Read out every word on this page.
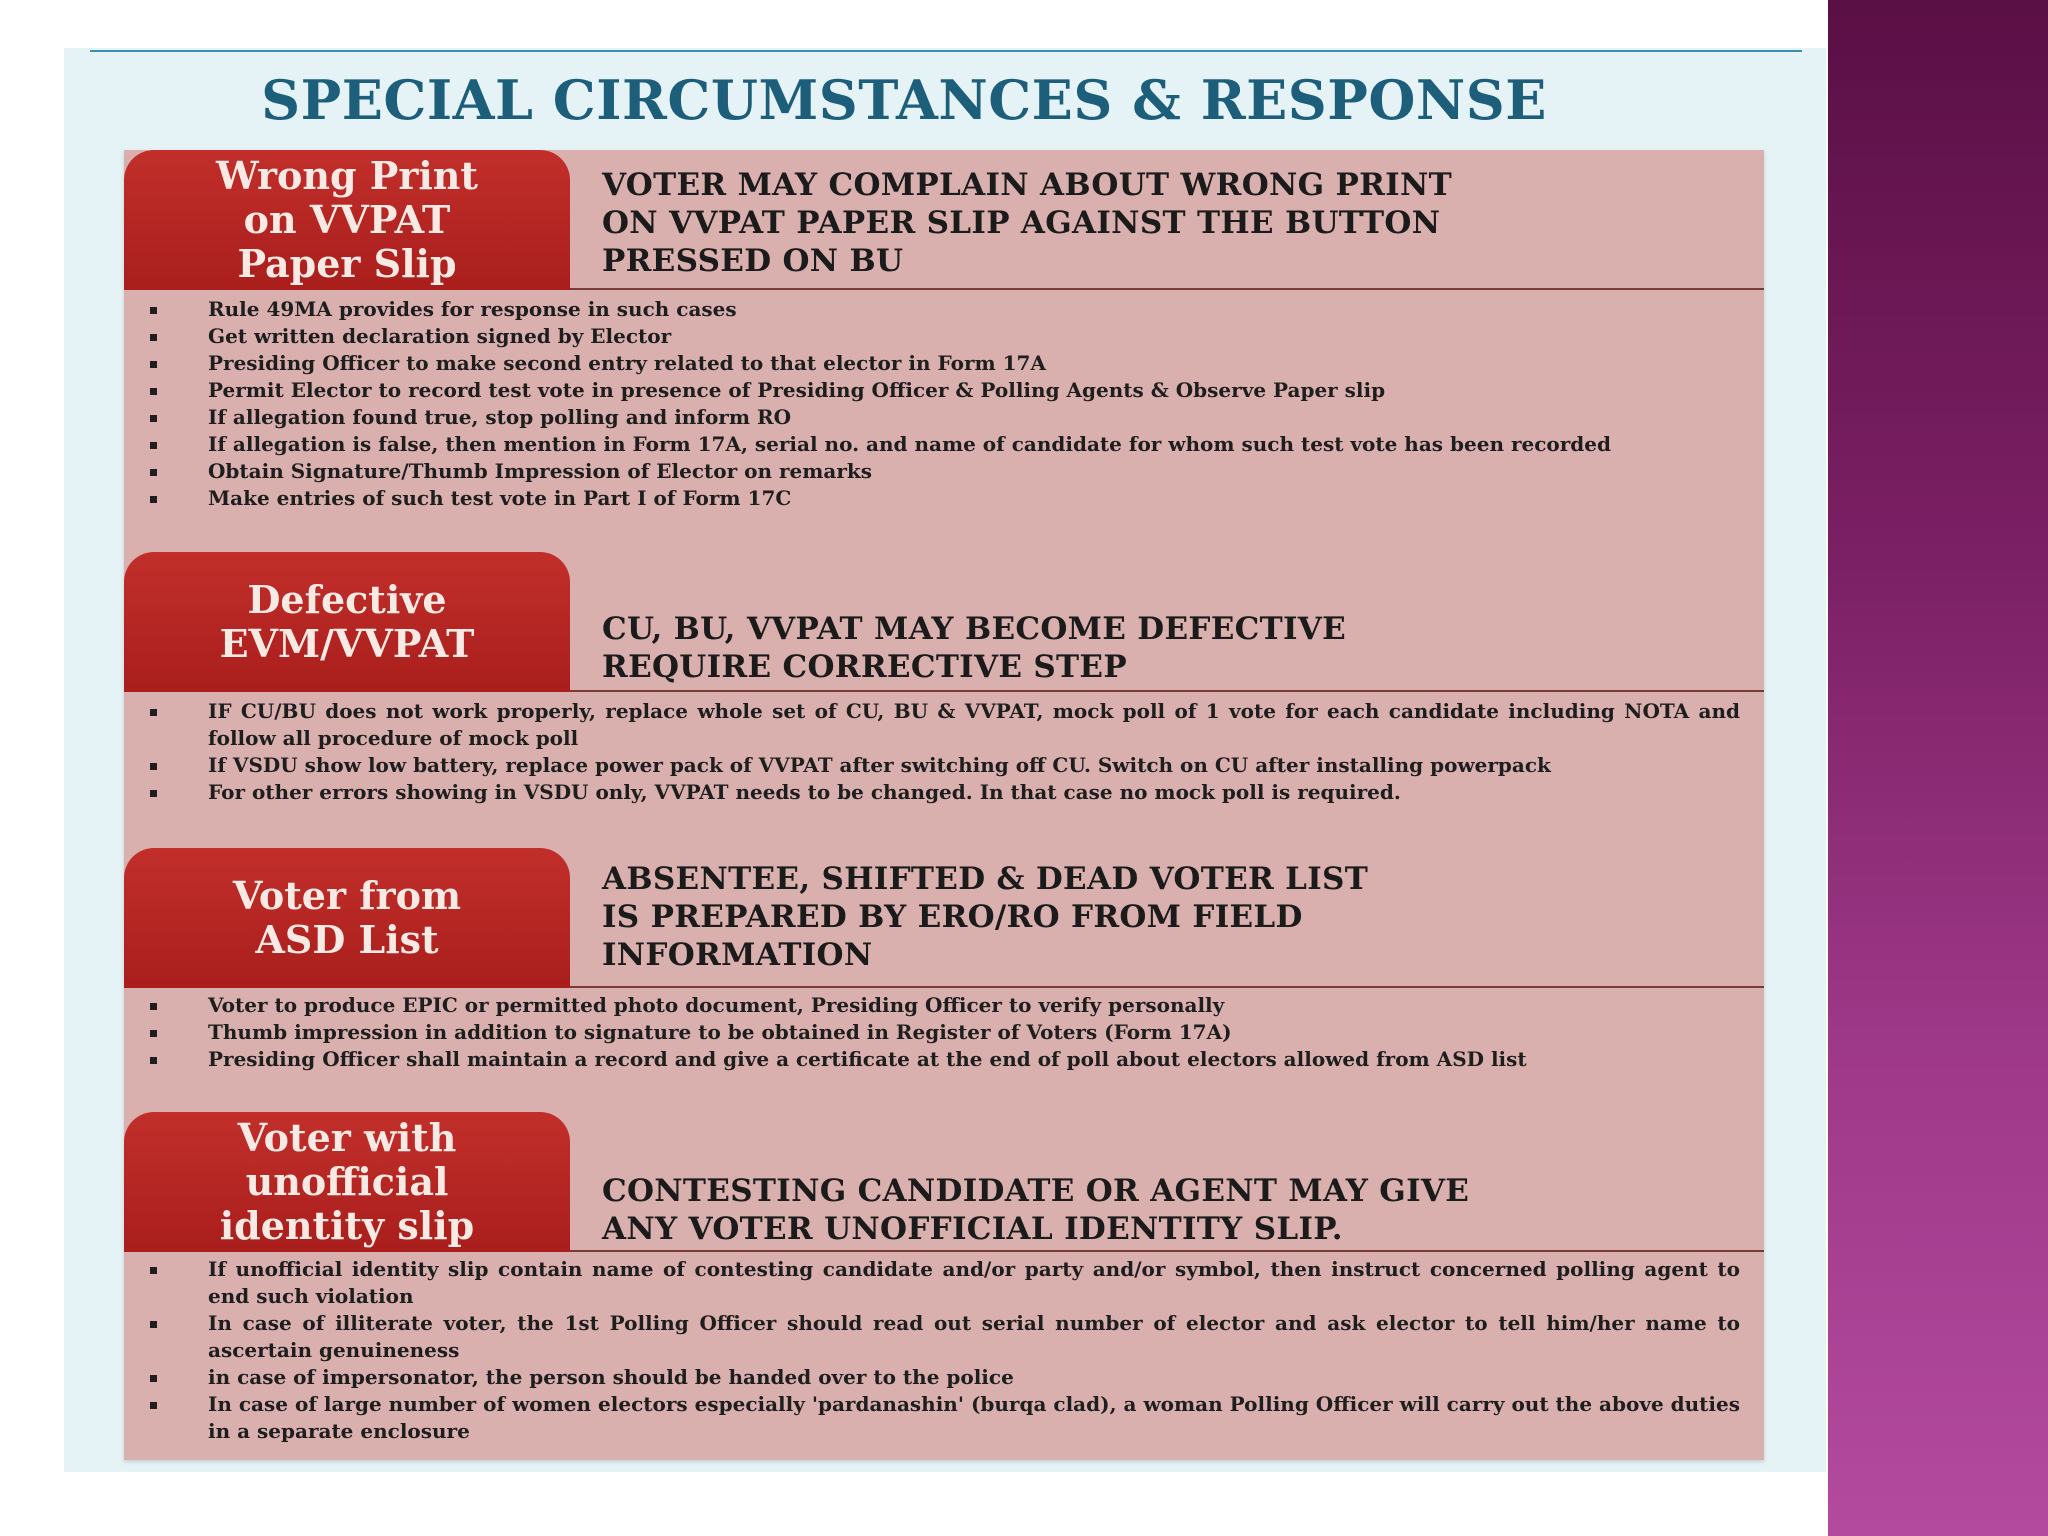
SPECIAL CIRCUMSTANCES & RESPONSE
Wrong Print
on VVPAT
Paper Slip
VOTER MAY COMPLAIN ABOUT WRONG PRINT
ON VVPAT PAPER SLIP AGAINST THE BUTTON
PRESSED ON BU
Rule 49MA provides for response in such cases
Get written declaration signed by Elector
Presiding Officer to make second entry related to that elector in Form 17A
Permit Elector to record test vote in presence of Presiding Officer & Polling Agents & Observe Paper slip
If allegation found true, stop polling and inform RO
If allegation is false, then mention in Form 17A, serial no. and name of candidate for whom such test vote has been recorded
Obtain Signature/Thumb Impression of Elector on remarks
Make entries of such test vote in Part I of Form 17C
Defective
EVM/VVPAT	CU, BU, VVPAT MAY BECOME DEFECTIVE
REQUIRE CORRECTIVE STEP
IF CU/BU does not work properly, replace whole set of CU, BU & VVPAT, mock poll of 1 vote for each candidate including NOTA and follow all procedure of mock poll
If VSDU show low battery, replace power pack of VVPAT after switching off CU. Switch on CU after installing powerpack
For other errors showing in VSDU only, VVPAT needs to be changed. In that case no mock poll is required.
Voter from
ASD List
ABSENTEE, SHIFTED & DEAD VOTER LIST
IS PREPARED BY ERO/RO FROM FIELD
INFORMATION
Voter to produce EPIC or permitted photo document, Presiding Officer to verify personally
Thumb impression in addition to signature to be obtained in Register of Voters (Form 17A)
Presiding Officer shall maintain a record and give a certificate at the end of poll about electors allowed from ASD list
Voter with
unofficial
identity slip
CONTESTING CANDIDATE OR AGENT MAY GIVE
ANY VOTER UNOFFICIAL IDENTITY SLIP.
If unofficial identity slip contain name of contesting candidate and/or party and/or symbol, then instruct concerned polling agent to end such violation
In case of illiterate voter, the 1st Polling Officer should read out serial number of elector and ask elector to tell him/her name to ascertain genuineness
in case of impersonator, the person should be handed over to the police
In case of large number of women electors especially 'pardanashin' (burqa clad), a woman Polling Officer will carry out the above duties in a separate enclosure
